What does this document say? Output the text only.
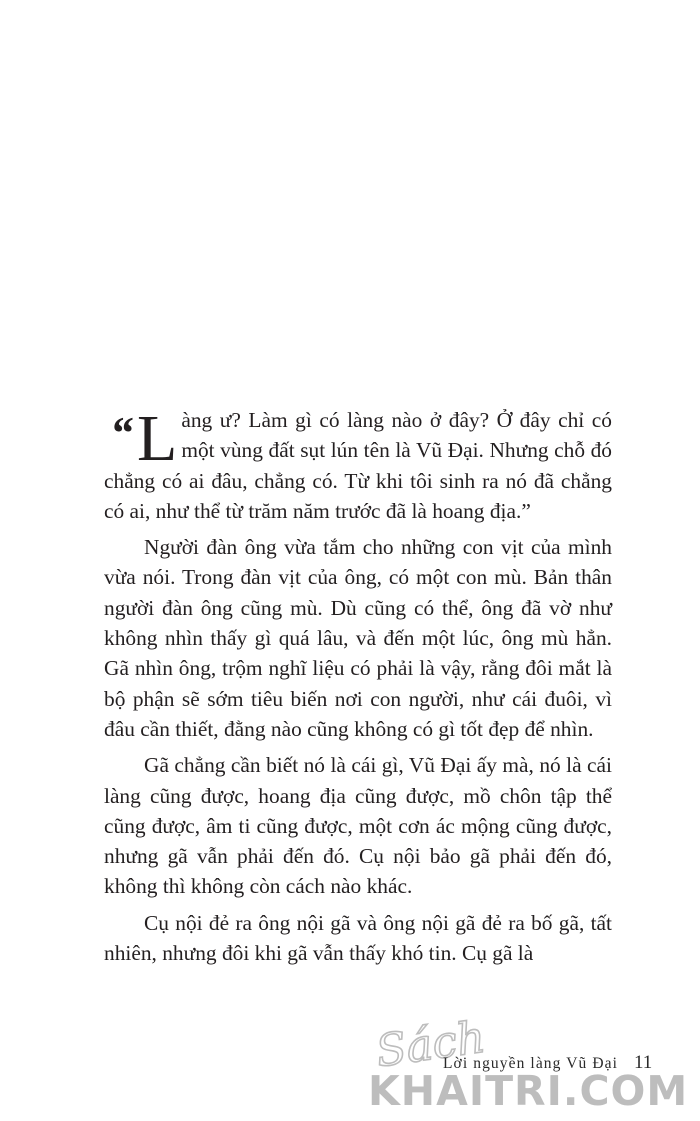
“ L àng ư? Làm gì có làng nào ở đây? Ở đây chỉ có một vùng đất sụt lún tên là Vũ Đại. Nhưng chỗ đó chẳng có ai đâu, chẳng có. Từ khi tôi sinh ra nó đã chẳng có ai, như thể từ trăm năm trước đã là hoang địa.”

Người đàn ông vừa tắm cho những con vịt của mình vừa nói. Trong đàn vịt của ông, có một con mù. Bản thân người đàn ông cũng mù. Dù cũng có thể, ông đã vờ như không nhìn thấy gì quá lâu, và đến một lúc, ông mù hẳn. Gã nhìn ông, trộm nghĩ liệu có phải là vậy, rằng đôi mắt là bộ phận sẽ sớm tiêu biến nơi con người, như cái đuôi, vì đâu cần thiết, đằng nào cũng không có gì tốt đẹp để nhìn.

Gã chẳng cần biết nó là cái gì, Vũ Đại ấy mà, nó là cái làng cũng được, hoang địa cũng được, mồ chôn tập thể cũng được, âm ti cũng được, một cơn ác mộng cũng được, nhưng gã vẫn phải đến đó. Cụ nội bảo gã phải đến đó, không thì không còn cách nào khác.

Cụ nội đẻ ra ông nội gã và ông nội gã đẻ ra bố gã, tất nhiên, nhưng đôi khi gã vẫn thấy khó tin. Cụ gã là

Sách
KHAITRI.COM
Lời nguyền làng Vũ Đại 11
